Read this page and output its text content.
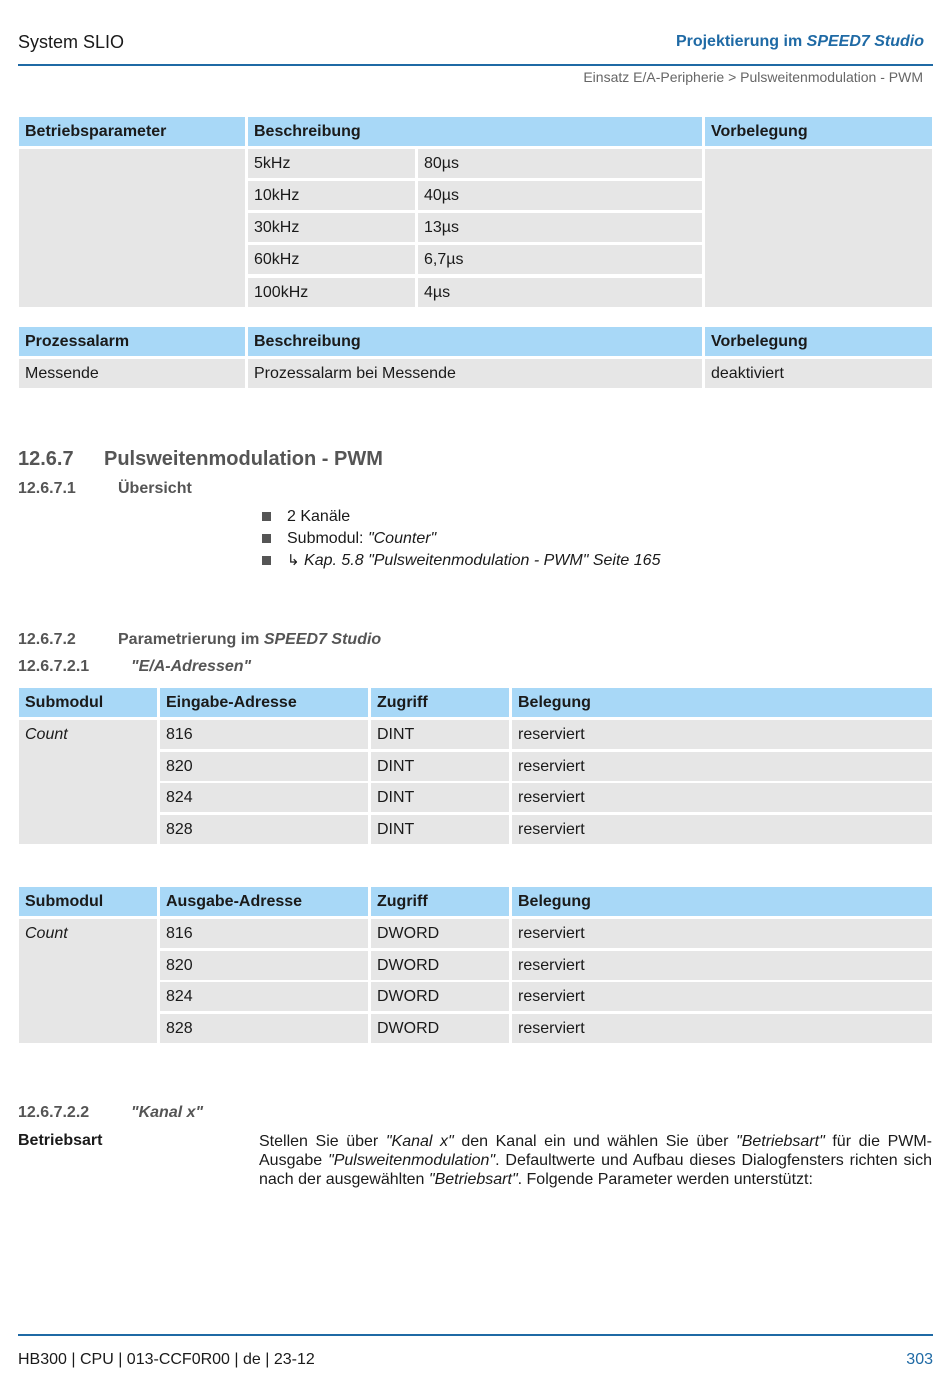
System SLIO	Projektierung im SPEED7 Studio
Einsatz E/A-Peripherie > Pulsweitenmodulation - PWM
Betriebsparameter	Beschreibung	Vorbelegung
5kHz	80µs
10kHz	40µs
30kHz	13µs
60kHz	6,7µs
100kHz	4µs
Prozessalarm	Beschreibung	Vorbelegung
Messende	Prozessalarm bei Messende	deaktiviert
12.6.7 Pulsweitenmodulation - PWM
12.6.7.1	Übersicht
2 Kanäle
Submodul: "Counter"
↳ Kap. 5.8 "Pulsweitenmodulation - PWM" Seite 165
12.6.7.2	Parametrierung im SPEED7 Studio
12.6.7.2.1	"E/A-Adressen"
Submodul	Eingabe-Adresse	Zugriff	Belegung
Count	816	DINT	reserviert
820	DINT	reserviert
824	DINT	reserviert
828	DINT	reserviert
Submodul	Ausgabe-Adresse	Zugriff	Belegung
Count	816	DWORD	reserviert
820	DWORD	reserviert
824	DWORD	reserviert
828	DWORD	reserviert
12.6.7.2.2	"Kanal x"
Betriebsart	Stellen Sie über "Kanal x" den Kanal ein und wählen Sie über "Betriebsart" für die PWM-Ausgabe "Pulsweitenmodulation". Defaultwerte und Aufbau dieses Dialogfensters richten sich nach der ausgewählten "Betriebsart". Folgende Parameter werden unterstützt:
HB300 | CPU | 013-CCF0R00 | de | 23-12	303
